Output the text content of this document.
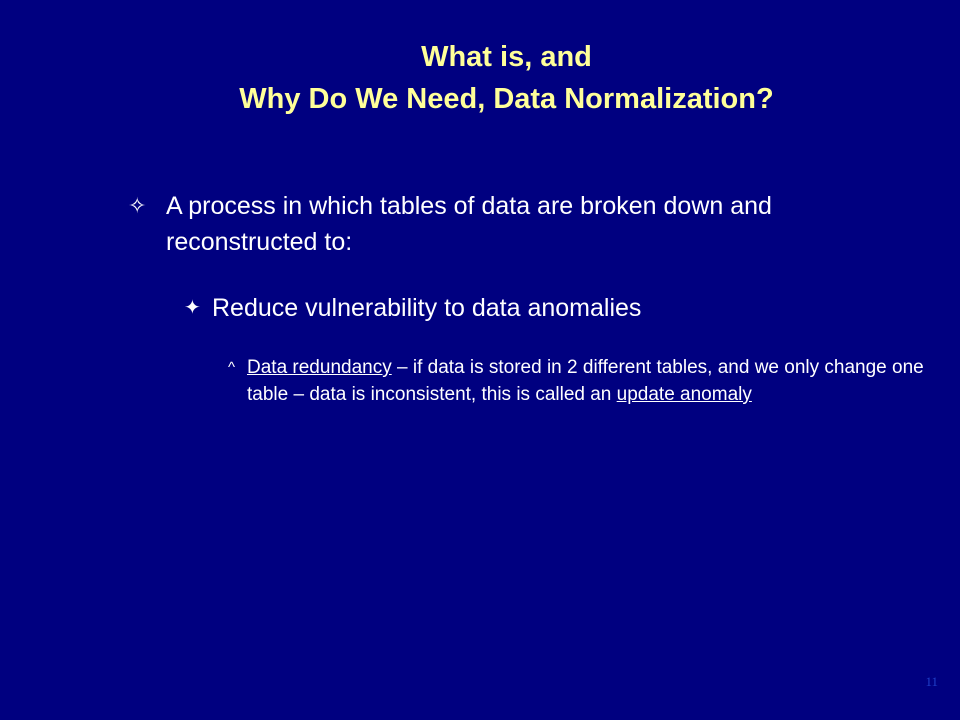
What is, and
Why Do We Need, Data Normalization?
✧ A process in which tables of data are broken down and reconstructed to:
✦ Reduce vulnerability to data anomalies
^ Data redundancy – if data is stored in 2 different tables, and we only change one table – data is inconsistent, this is called an update anomaly
11
